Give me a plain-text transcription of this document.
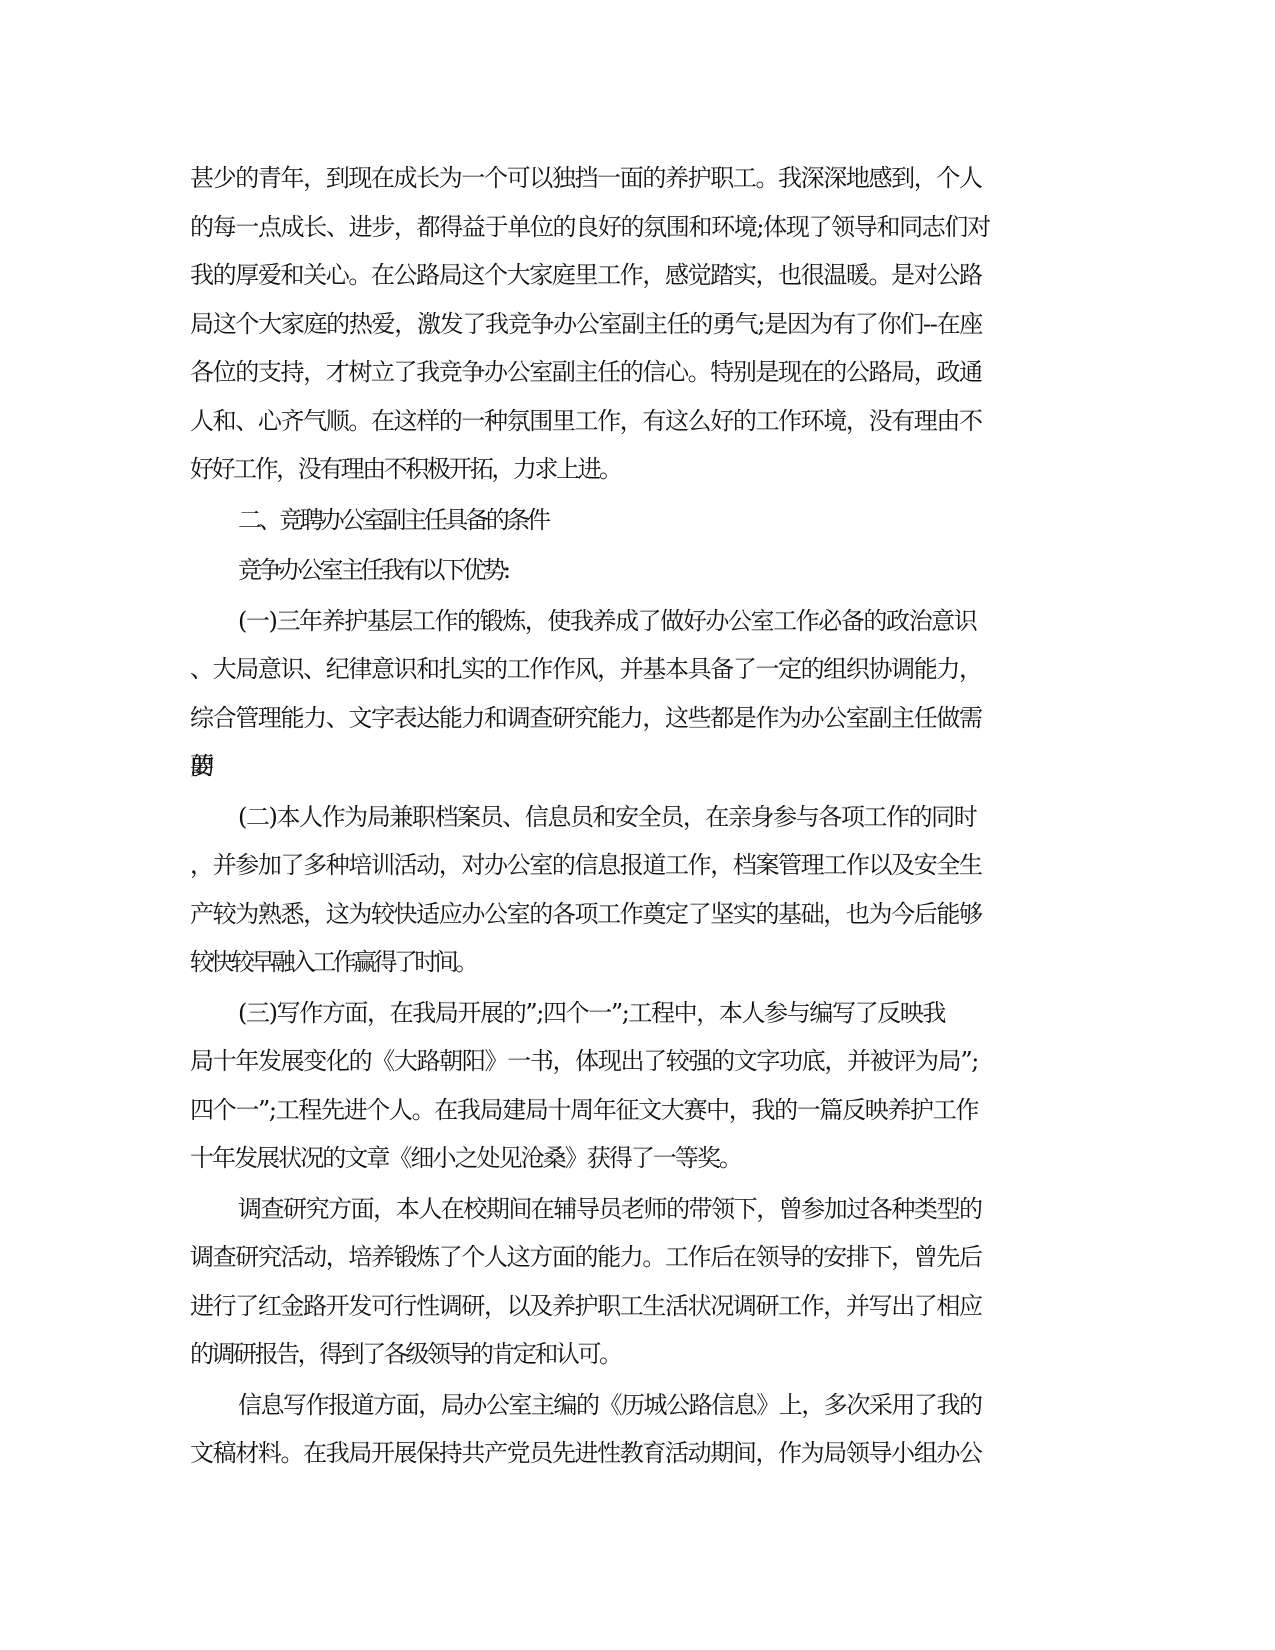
甚少的青年，到现在成长为一个可以独挡一面的养护职工。我深深地感到，个人
的每一点成长、进步，都得益于单位的良好的氛围和环境;体现了领导和同志们对
我的厚爱和关心。在公路局这个大家庭里工作，感觉踏实，也很温暖。是对公路
局这个大家庭的热爱，激发了我竞争办公室副主任的勇气;是因为有了你们--在座
各位的支持，才树立了我竞争办公室副主任的信心。特别是现在的公路局，政通
人和、心齐气顺。在这样的一种氛围里工作，有这么好的工作环境，没有理由不
好好工作，没有理由不积极开拓，力求上进。
二、竞聘办公室副主任具备的条件
竞争办公室主任我有以下优势:
(一)三年养护基层工作的锻炼，使我养成了做好办公室工作必备的政治意识
、大局意识、纪律意识和扎实的工作作风，并基本具备了一定的组织协调能力，
综合管理能力、文字表达能力和调查研究能力，这些都是作为办公室副主任做需
要的。
(二)本人作为局兼职档案员、信息员和安全员，在亲身参与各项工作的同时
，并参加了多种培训活动，对办公室的信息报道工作，档案管理工作以及安全生
产较为熟悉，这为较快适应办公室的各项工作奠定了坚实的基础，也为今后能够
较快较早融入工作赢得了时间。
(三)写作方面，在我局开展的”;四个一”;工程中，本人参与编写了反映我
局十年发展变化的《大路朝阳》一书，体现出了较强的文字功底，并被评为局”;
四个一”;工程先进个人。在我局建局十周年征文大赛中，我的一篇反映养护工作
十年发展状况的文章《细小之处见沧桑》获得了一等奖。
调查研究方面，本人在校期间在辅导员老师的带领下，曾参加过各种类型的
调查研究活动，培养锻炼了个人这方面的能力。工作后在领导的安排下，曾先后
进行了红金路开发可行性调研，以及养护职工生活状况调研工作，并写出了相应
的调研报告，得到了各级领导的肯定和认可。
信息写作报道方面，局办公室主编的《历城公路信息》上，多次采用了我的
文稿材料。在我局开展保持共产党员先进性教育活动期间，作为局领导小组办公
